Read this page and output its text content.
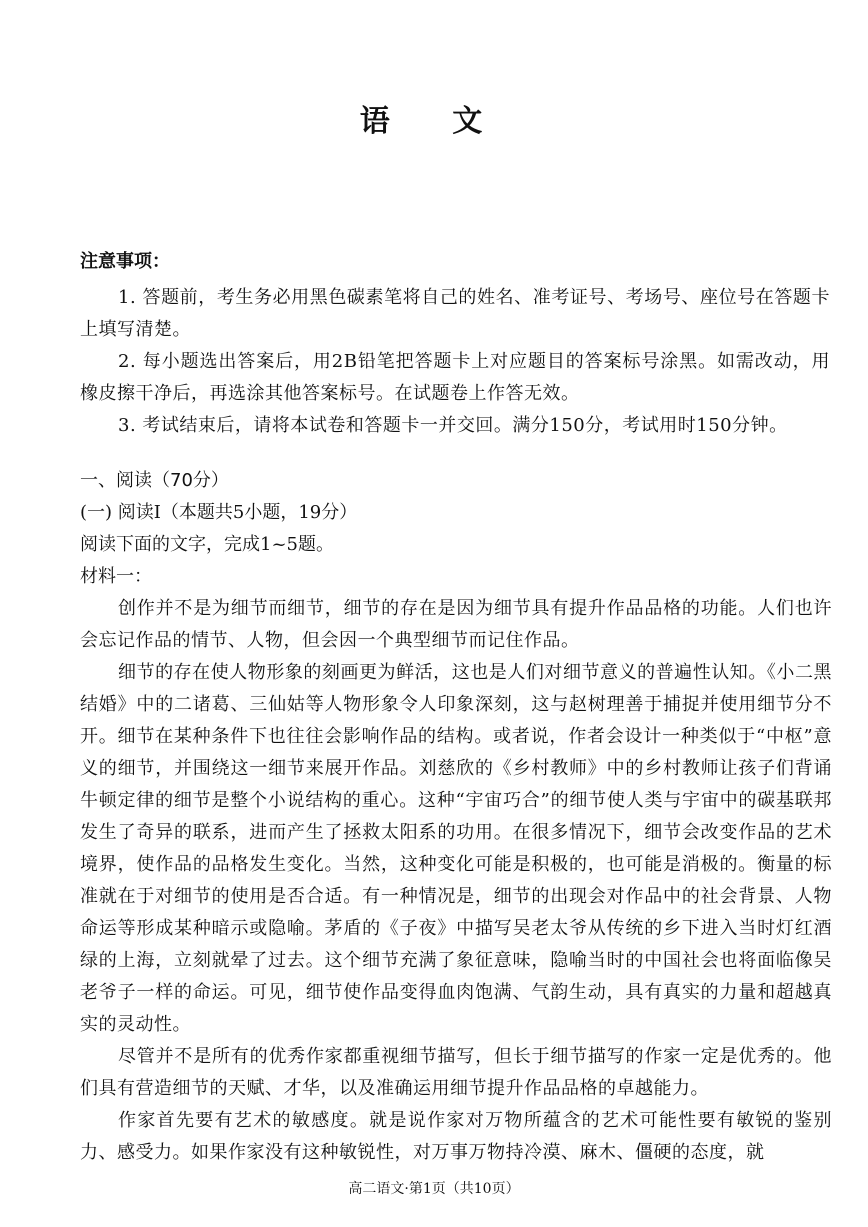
语 文
注意事项：

1. 答题前，考生务必用黑色碳素笔将自己的姓名、准考证号、考场号、座位号在答题卡上填写清楚。

2. 每小题选出答案后，用2B铅笔把答题卡上对应题目的答案标号涂黑。如需改动，用橡皮擦干净后，再选涂其他答案标号。在试题卷上作答无效。

3. 考试结束后，请将本试卷和答题卡一并交回。满分150分，考试用时150分钟。

一、阅读（70分）

(一) 阅读Ⅰ（本题共5小题，19分）

阅读下面的文字，完成1~5题。

材料一：

创作并不是为细节而细节，细节的存在是因为细节具有提升作品品格的功能。人们也许会忘记作品的情节、人物，但会因一个典型细节而记住作品。

细节的存在使人物形象的刻画更为鲜活，这也是人们对细节意义的普遍性认知。《小二黑结婚》中的二诸葛、三仙姑等人物形象令人印象深刻，这与赵树理善于捕捉并使用细节分不开。细节在某种条件下也往往会影响作品的结构。或者说，作者会设计一种类似于“中枢”意义的细节，并围绕这一细节来展开作品。刘慈欣的《乡村教师》中的乡村教师让孩子们背诵牛顿定律的细节是整个小说结构的重心。这种“宇宙巧合”的细节使人类与宇宙中的碳基联邦发生了奇异的联系，进而产生了拯救太阳系的功用。在很多情况下，细节会改变作品的艺术境界，使作品的品格发生变化。当然，这种变化可能是积极的，也可能是消极的。衡量的标准就在于对细节的使用是否合适。有一种情况是，细节的出现会对作品中的社会背景、人物命运等形成某种暗示或隐喻。茅盾的《子夜》中描写吴老太爷从传统的乡下进入当时灯红酒绿的上海，立刻就晕了过去。这个细节充满了象征意味，隐喻当时的中国社会也将面临像吴老爷子一样的命运。可见，细节使作品变得血肉饱满、气韵生动，具有真实的力量和超越真实的灵动性。

尽管并不是所有的优秀作家都重视细节描写，但长于细节描写的作家一定是优秀的。他们具有营造细节的天赋、才华，以及准确运用细节提升作品品格的卓越能力。

作家首先要有艺术的敏感度。就是说作家对万物所蕴含的艺术可能性要有敏锐的鉴别力、感受力。如果作家没有这种敏锐性，对万事万物持冷漠、麻木、僵硬的态度，就

高二语文·第1页（共10页）
